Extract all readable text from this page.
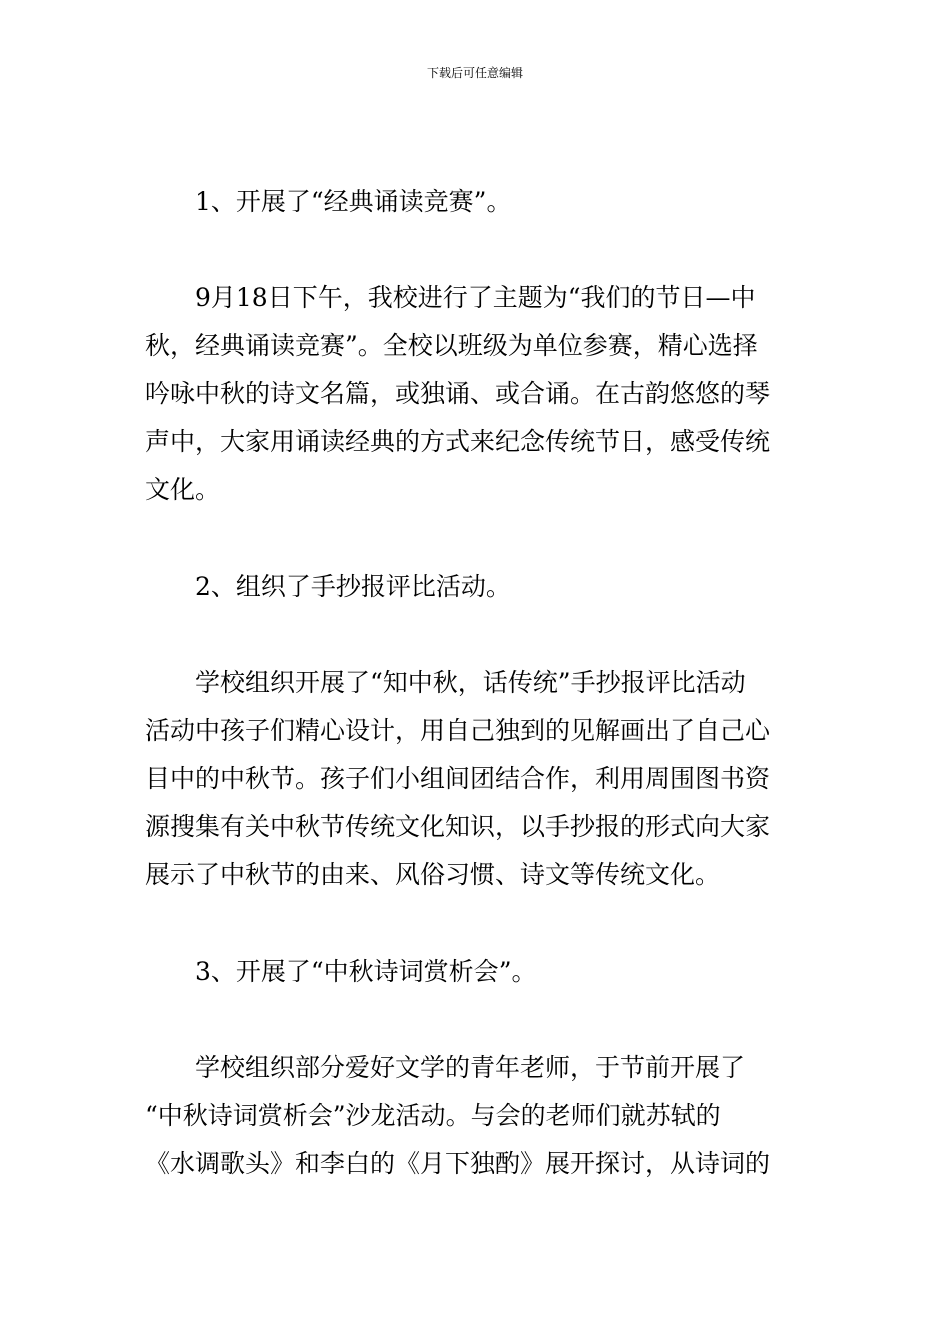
下载后可任意编辑

1、开展了“经典诵读竞赛”。

9月18日下午，我校进行了主题为“我们的节日—中
秋，经典诵读竞赛”。全校以班级为单位参赛，精心选择
吟咏中秋的诗文名篇，或独诵、或合诵。在古韵悠悠的琴
声中，大家用诵读经典的方式来纪念传统节日，感受传统
文化。

2、组织了手抄报评比活动。

学校组织开展了“知中秋，话传统”手抄报评比活动
活动中孩子们精心设计，用自己独到的见解画出了自己心
目中的中秋节。孩子们小组间团结合作，利用周围图书资
源搜集有关中秋节传统文化知识，以手抄报的形式向大家
展示了中秋节的由来、风俗习惯、诗文等传统文化。

3、开展了“中秋诗词赏析会”。

学校组织部分爱好文学的青年老师，于节前开展了
“中秋诗词赏析会”沙龙活动。与会的老师们就苏轼的
《水调歌头》和李白的《月下独酌》展开探讨，从诗词的
